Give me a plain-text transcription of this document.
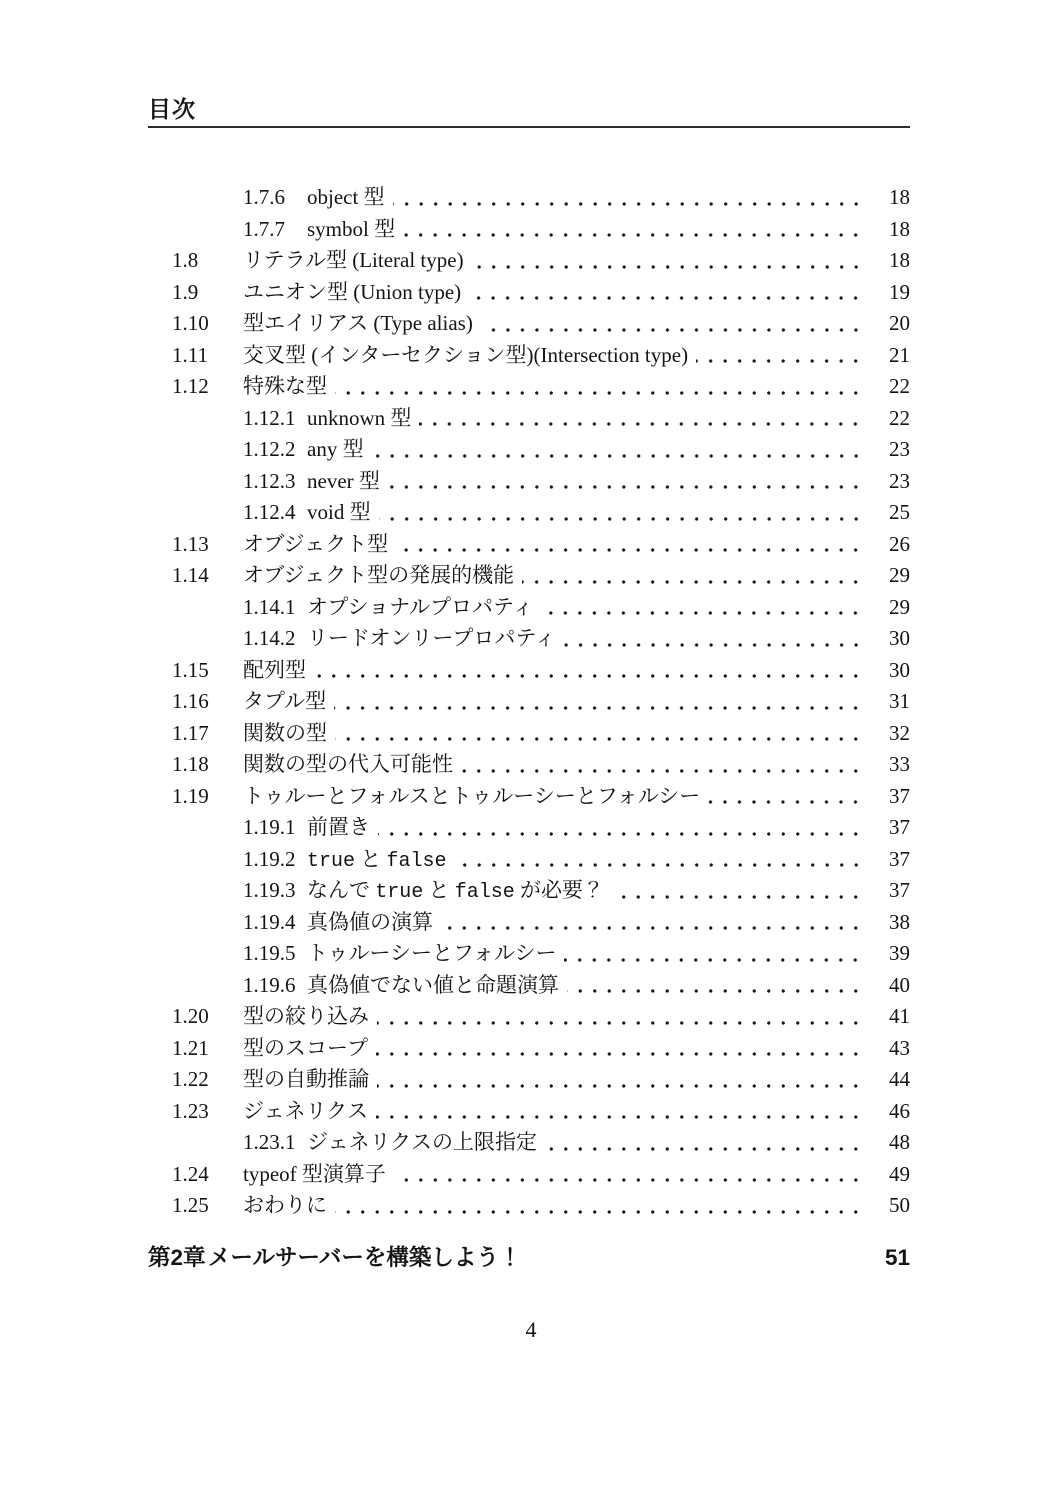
目次
1.7.6	object 型	18
1.7.7	symbol 型	18
1.8	リテラル型 (Literal type)	18
1.9	ユニオン型 (Union type)	19
1.10	型エイリアス (Type alias)	20
1.11	交叉型 (インターセクション型)(Intersection type)	21
1.12	特殊な型	22
1.12.1 unknown 型	22
1.12.2 any 型	23
1.12.3 never 型	23
1.12.4 void 型	25
1.13	オブジェクト型	26
1.14	オブジェクト型の発展的機能	29
1.14.1 オプショナルプロパティ	29
1.14.2 リードオンリープロパティ	30
1.15	配列型	30
1.16	タプル型	31
1.17	関数の型	32
1.18	関数の型の代入可能性	33
1.19	トゥルーとフォルスとトゥルーシーとフォルシー	37
1.19.1 前置き	37
1.19.2 true と false	37
1.19.3 なんで true と false が必要？	37
1.19.4 真偽値の演算	38
1.19.5 トゥルーシーとフォルシー	39
1.19.6 真偽値でない値と命題演算	40
1.20	型の絞り込み	41
1.21	型のスコープ	43
1.22	型の自動推論	44
1.23	ジェネリクス	46
1.23.1 ジェネリクスの上限指定	48
1.24	typeof 型演算子	49
1.25	おわりに	50
第2章 メールサーバーを構築しよう！	51
4
